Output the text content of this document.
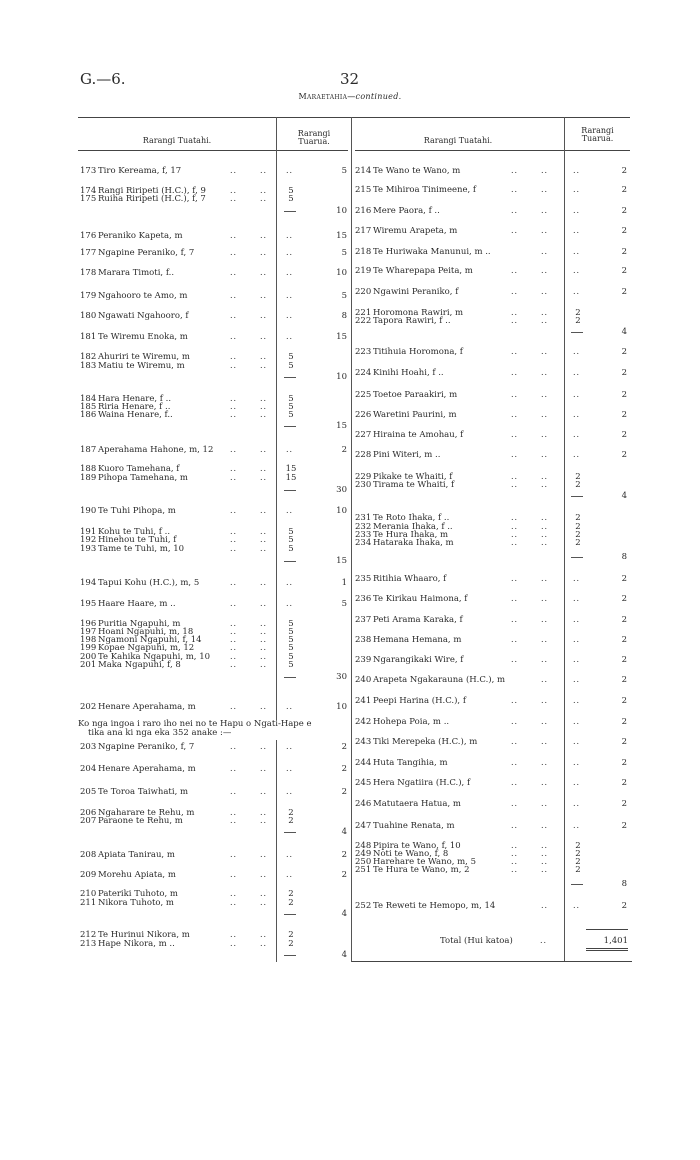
G.—6.	32
Maraetahia—continued.
Rarangi Tuatahi.
Rarangi
Tuarua.	Rarangi Tuatahi.
Rarangi
Tuarua.
173 Tiro Kereama, f, 17	..	.. ..	5
174 Rangi Riripeti (H.C.), f, 9	..	..	5
175 Ruiha Riripeti (H.C.), f, 7	..	..	5
10
176 Peraniko Kapeta, m	..	.. ..	15
177 Ngapine Peraniko, f, 7	..	.. ..	5
178 Marara Timoti, f..	..	.. ..	10
179 Ngahooro te Amo, m	..	.. ..	5
180 Ngawati Ngahooro, f	..	.. ..	8
181 Te Wiremu Enoka, m	..	.. ..	15
182 Ahuriri te Wiremu, m	..	..	5
183 Matiu te Wiremu, m	..	..	5
10
184 Hara Henare, f ..	..	..	5
185 Riria Henare, f ..	..	..	5
186 Waina Henare, f..	..	..	5
15
187 Aperahama Hahone, m, 12 ..	.. ..	2
188 Kuoro Tamehana, f	..	.. 15
189 Pihopa Tamehana, m	..	.. 15
30
190 Te Tuhi Pihopa, m	..	.. ..	10
191 Kohu te Tuhi, f ..	..	..	5
192 Hinehou te Tuhi, f	..	..	5
193 Tame te Tuhi, m, 10	..	..	5
15
194 Tapui Kohu (H.C.), m, 5	..	.. ..	1
195 Haare Haare, m ..	..	.. ..	5
196 Puritia Ngapuhi, m	..	..	5
197 Hoani Ngapuhi, m, 18	..	..	5
198 Ngamoni Ngapuhi, f, 14	..	..	5
199 Kopae Ngapuhi, m, 12	..	..	5
200 Te Kahika Ngapuhi, m, 10 ..	..	5
201 Maka Ngapuhi, f, 8	..	..	5
30
202 Henare Aperahama, m	..	.. ..	10
Ko nga ingoa i raro iho nei no te Hapu o Ngati-Hape e
tika ana ki nga eka 352 anake :—
203 Ngapine Peraniko, f, 7	..	.. ..	2
204 Henare Aperahama, m	..	.. ..	2
205 Te Toroa Taiwhati, m	..	.. ..	2
206 Ngaharare te Rehu, m	..	..	2
207 Paraone te Rehu, m	..	..	2
4
208 Apiata Tanirau, m	..	.. ..	2
209 Morehu Apiata, m	..	.. ..	2
210 Pateriki Tuhoto, m	..	..	2
211 Nikora Tuhoto, m	..	..	2
4
212 Te Hurinui Nikora, m	..	..	2
213 Hape Nikora, m ..	..	..	2
4
214 Te Wano te Wano, m	..	..	..	2
215 Te Mihiroa Tinimeene, f	..	..	..	2
216 Mere Paora, f ..	..	..	..	2
217 Wiremu Arapeta, m	..	..	..	2
218 Te Huriwaka Manunui, m ..	..	..	2
219 Te Wharepapa Peita, m	..	..	..	2
220 Ngawini Peraniko, f	..	..	..	2
221 Horomona Rawiri, m	..	..	2
222 Tapora Rawiri, f ..	..	..	2
4
223 Titihuia Horomona, f	..	..	..	2
224 Kinihi Hoahi, f ..	..	..	..	2
225 Toetoe Paraakiri, m	..	..	..	2
226 Waretini Paurini, m	..	..	..	2
227 Hiraina te Amohau, f	..	..	..	2
228 Pini Witeri, m ..	..	..	..	2
229 Pikake te Whaiti, f	..	..	2
230 Tirama te Whaiti, f	..	..	2
4
231 Te Roto Ihaka, f ..	..	..	2
232 Merania Ihaka, f ..	..	..	2
233 Te Hura Ihaka, m	..	..	2
234 Hataraka Ihaka, m	..	..	2
8
235 Ritihia Whaaro, f	..	..	..	2
236 Te Kirikau Haimona, f	..	..	..	2
237 Peti Arama Karaka, f	..	..	..	2
238 Hemana Hemana, m	..	..	..	2
239 Ngarangikaki Wire, f	..	..	..	2
240 Arapeta Ngakarauna (H.C.), m	..	..	2
241 Peepi Harina (H.C.), f	..	..	..	2
242 Hohepa Poia, m ..	..	..	..	2
243 Tiki Merepeka (H.C.), m	..	..	..	2
244 Huta Tangihia, m	..	..	..	2
245 Hera Ngatiira (H.C.), f	..	..	..	2
246 Matutaera Hatua, m	..	..	..	2
247 Tuahine Renata, m	..	..	..	2
248 Pipira te Wano, f, 10	..	..	2
249 Noti te Wano, f, 8	..	..	2
250 Harehare te Wano, m, 5	..	..	2
251 Te Hura te Wano, m, 2	..	..	2
8
252 Te Reweti te Hemopo, m, 14	..	..	2
Total (Hui katoa)	..	1,401
